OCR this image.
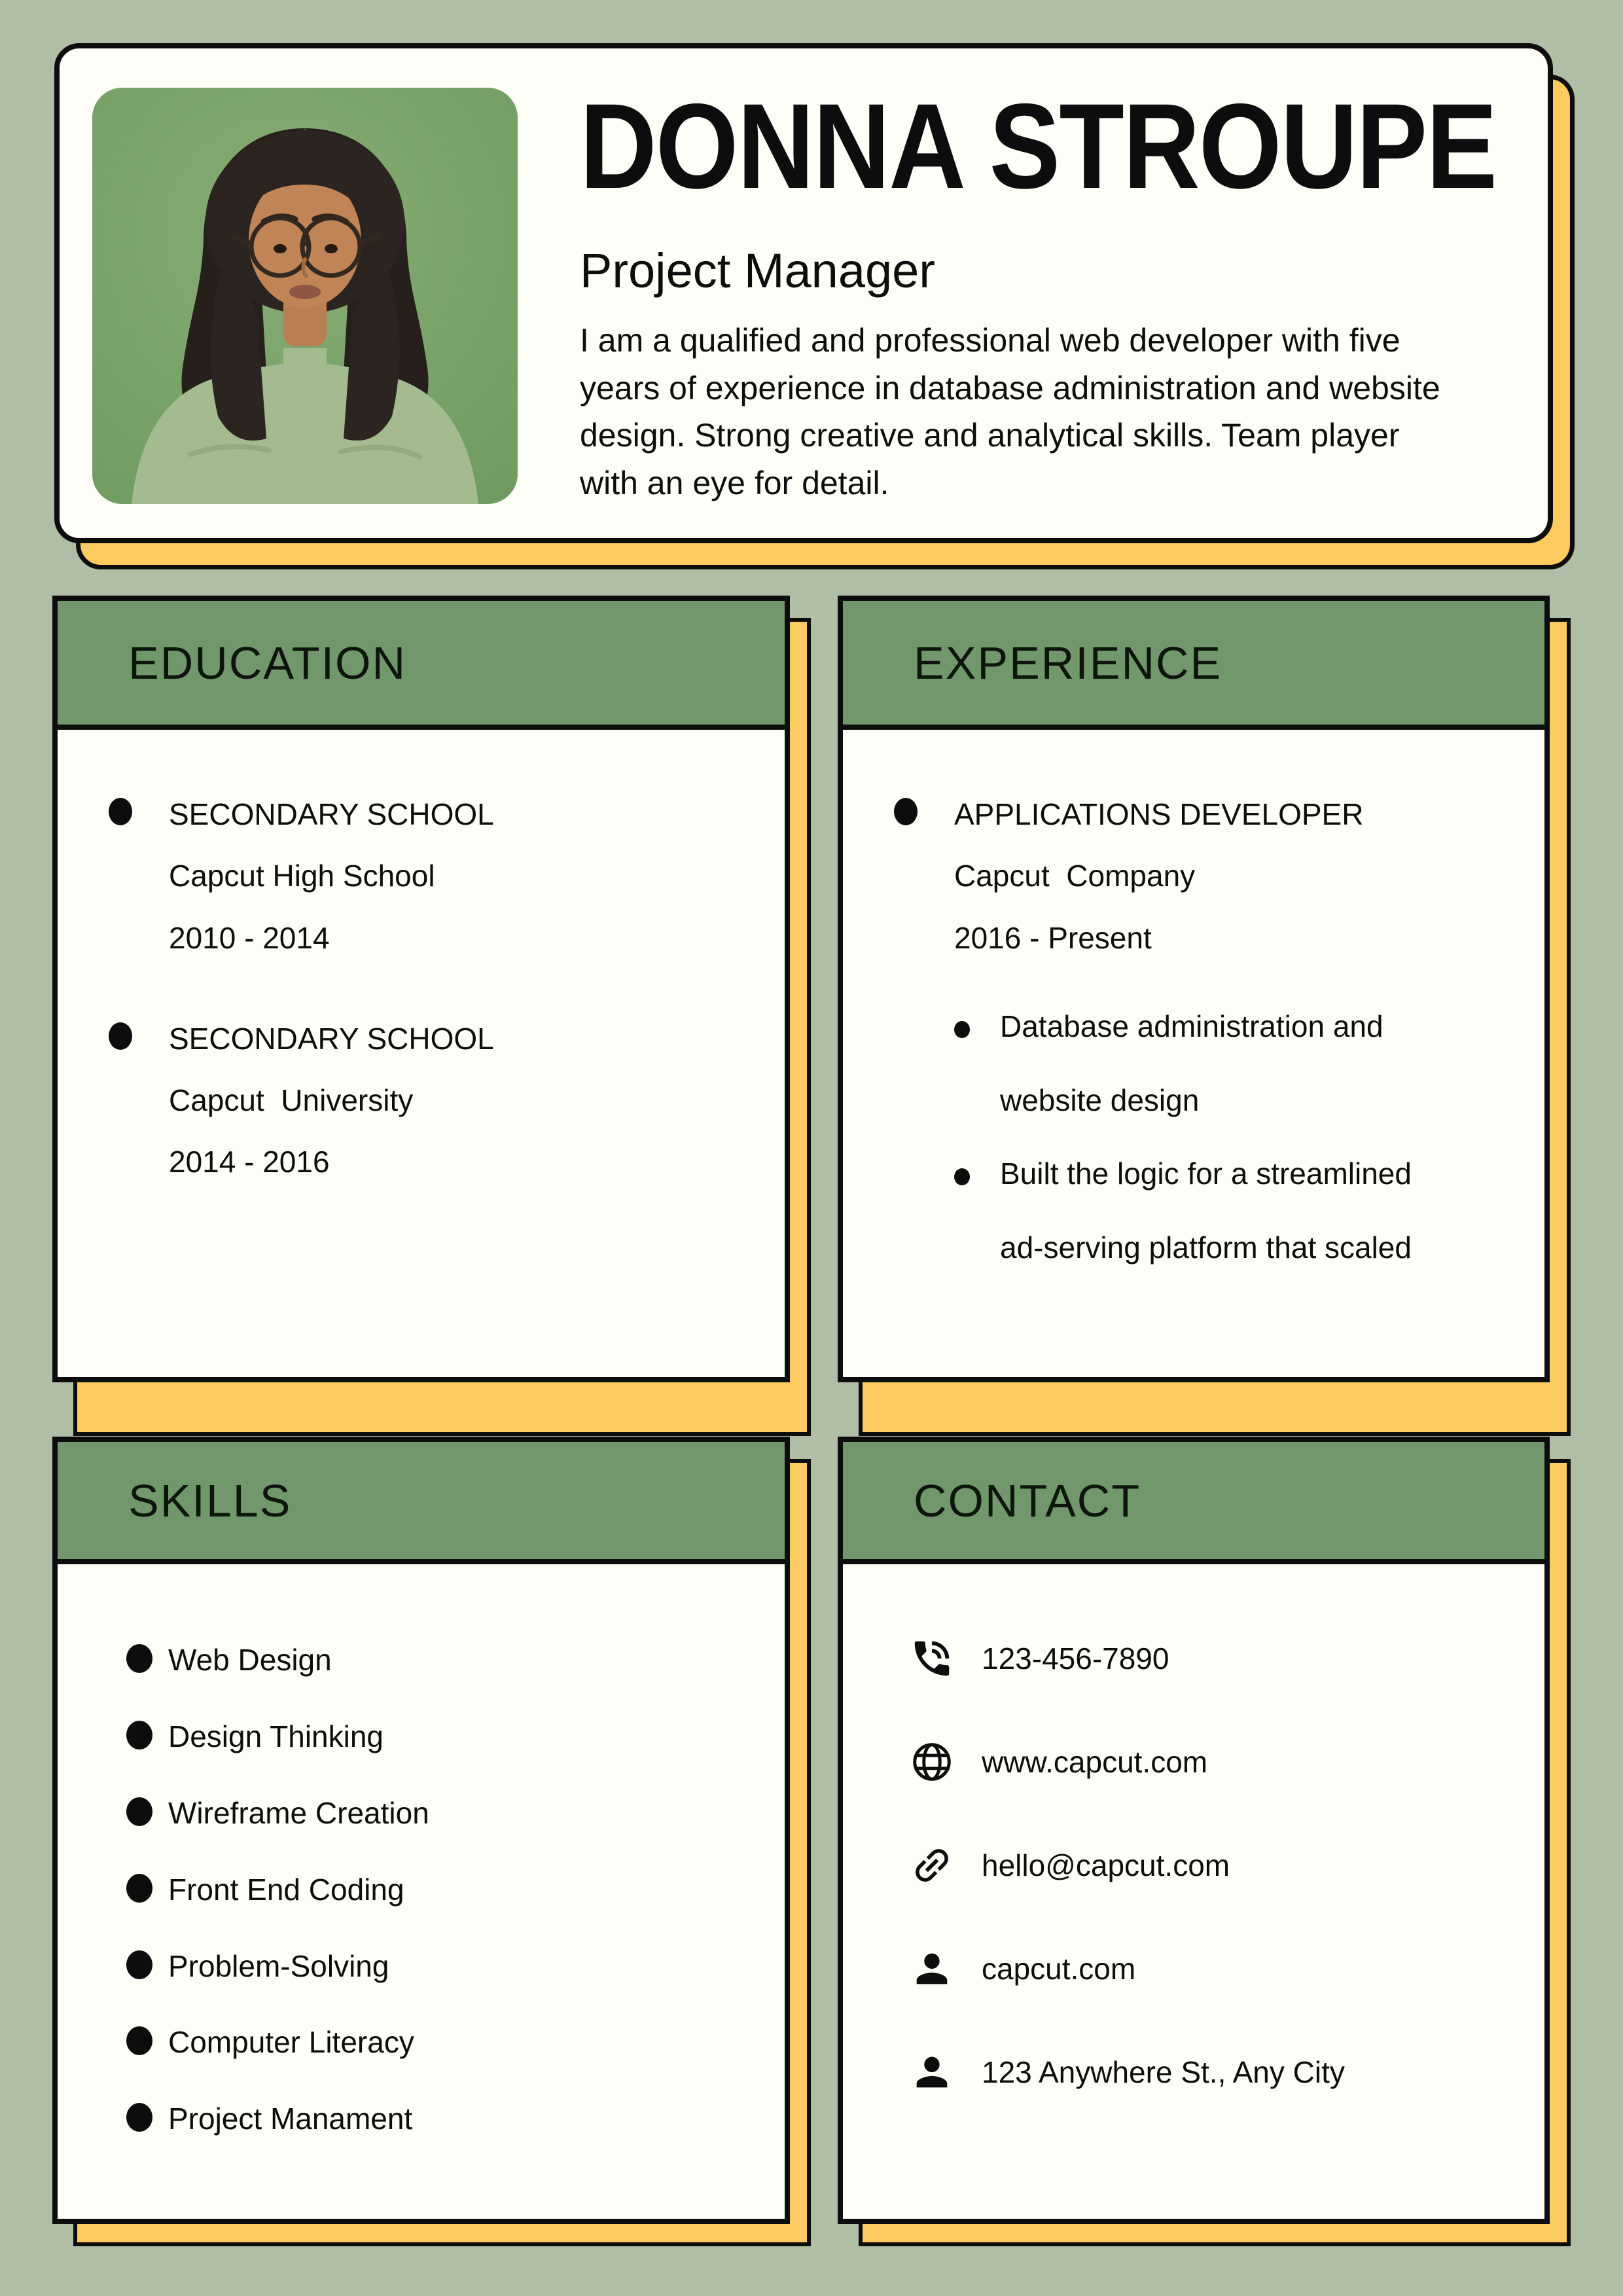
DONNA STROUPE
Project Manager
I am a qualified and professional web developer with five years of experience in database administration and website design. Strong creative and analytical skills. Team player with an eye for detail.
EDUCATION
SECONDARY SCHOOL
Capcut High School
2010 - 2014
SECONDARY SCHOOL
Capcut  University
2014 - 2016
EXPERIENCE
APPLICATIONS DEVELOPER
Capcut  Company
2016 - Present
Database administration and website design
Built the logic for a streamlined ad-serving platform that scaled
SKILLS
Web Design
Design Thinking
Wireframe Creation
Front End Coding
Problem-Solving
Computer Literacy
Project Manament
CONTACT
123-456-7890
www.capcut.com
hello@capcut.com
capcut.com
123 Anywhere St., Any City
